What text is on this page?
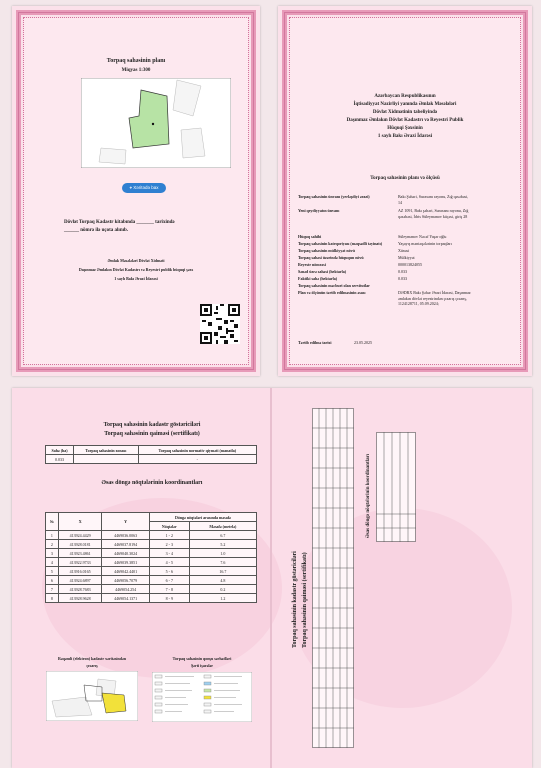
Torpaq sahəsinin planı
Miqyas 1:300
⌖ Xəritədə bax
Dövlət Torpaq Kadastr kitabında _______ tarixində
______ nömrə ilə uçota alınıb.
Əmlak Məsələləri Dövlət Xidməti
Daşınmaz Əmlakın Dövlət Kadastrı və Reyestri publik hüquqi şəxs
1 saylı Bakı Ərazi İdarəsi
Azərbaycan Respublikasının
İqtisadiyyat Nazirliyi yanında Əmlak Məsələləri
Dövlət Xidmətinin tabeliyində
Daşınmaz Əmlakın Dövlət Kadastrı və Reyestri Publik
Hüquqi Şəxsinin
1 saylı Bakı Ərazi İdarəsi
Torpaq sahəsinin planı və ölçüsü
Torpaq sahəsinin ünvanı (yerləşdiyi ərazi)	Bakı Şəhəri, Suraxanı rayonu, Zığ qəsəbəsi, 14
Yeni qeydiyyatın ünvanı	AZ 1091, Bakı şəhəri, Suraxanı rayonu, Zığ qəsəbəsi, İdris Süleymanov küçəsi, giriş 28
Hüquq sahibi	Süleymanov Nəcəf Yaşar oğlu
Torpaq sahəsinin kateqoriyası (məqsədli təyinatı)	Yaşayış məntəqələrinin torpaqları
Torpaq sahəsinin mülkiyyət növü	Xüsusi
Torpaq sahəsi üzərində hüququn növü	Mülkiyyət
Reyestr nömrəsi	000013824055
Sənəd üzrə sahəsi (hektarla)	0.033
Faktiki sahə (hektarla)	0.033
Torpaq sahəsinin məcburi olan servitutlar
Plan və ölçünün tərtib edilməsinin əsası	DƏDRX Bakı Şəhər Ərazi İdarəsi, Daşınmaz əmlakın dövlət reyestrindən çıxarış çıxarış, 1124128711, 05.09.2024;
Tərtib edilmə tarixi	23.05.2025
Torpaq sahəsinin kadastr göstəriciləri
Torpaq sahəsinin qaiməsi (sertifikatı)
Sahə (ha)	Torpaq sahəsinin zonası	Torpaq sahəsinin normativ qiyməti (manatla)
0.033		-
Əsas döngə nöqtələrinin koordinantları
№	X	Y	Döngə nöqtələri arasında məsafə	
			Nöqtələr	Məsafə (metrlə)
1	413924.4429	4469036.0063	1 - 2	6.7
2	413928.0181	4469037.8194	2 - 3	5.2
3	413923.4861	4469040.3024	3 - 4	1.0
4	413922.9733	4469039.3851	4 - 5	7.6
5	413916.0165	4469042.4401	5 - 6	16.7
6	413924.6897	4469056.7079	6 - 7	4.8
7	413928.7683	4469054.254	7 - 8	0.2
8	413928.9628	4469054.1371	8 - 9	1.2
Rəqəmli (elektron) kadastr xəritəsindən
çıxarış
Torpaq sahəsinin qonşu sərhədləri
Şərti işarələr
Torpaq sahəsinin kadastr göstəriciləri Torpaq sahəsinin qaiməsi (sertifikatı)
Əsas döngə nöqtələrinin koordinantları
